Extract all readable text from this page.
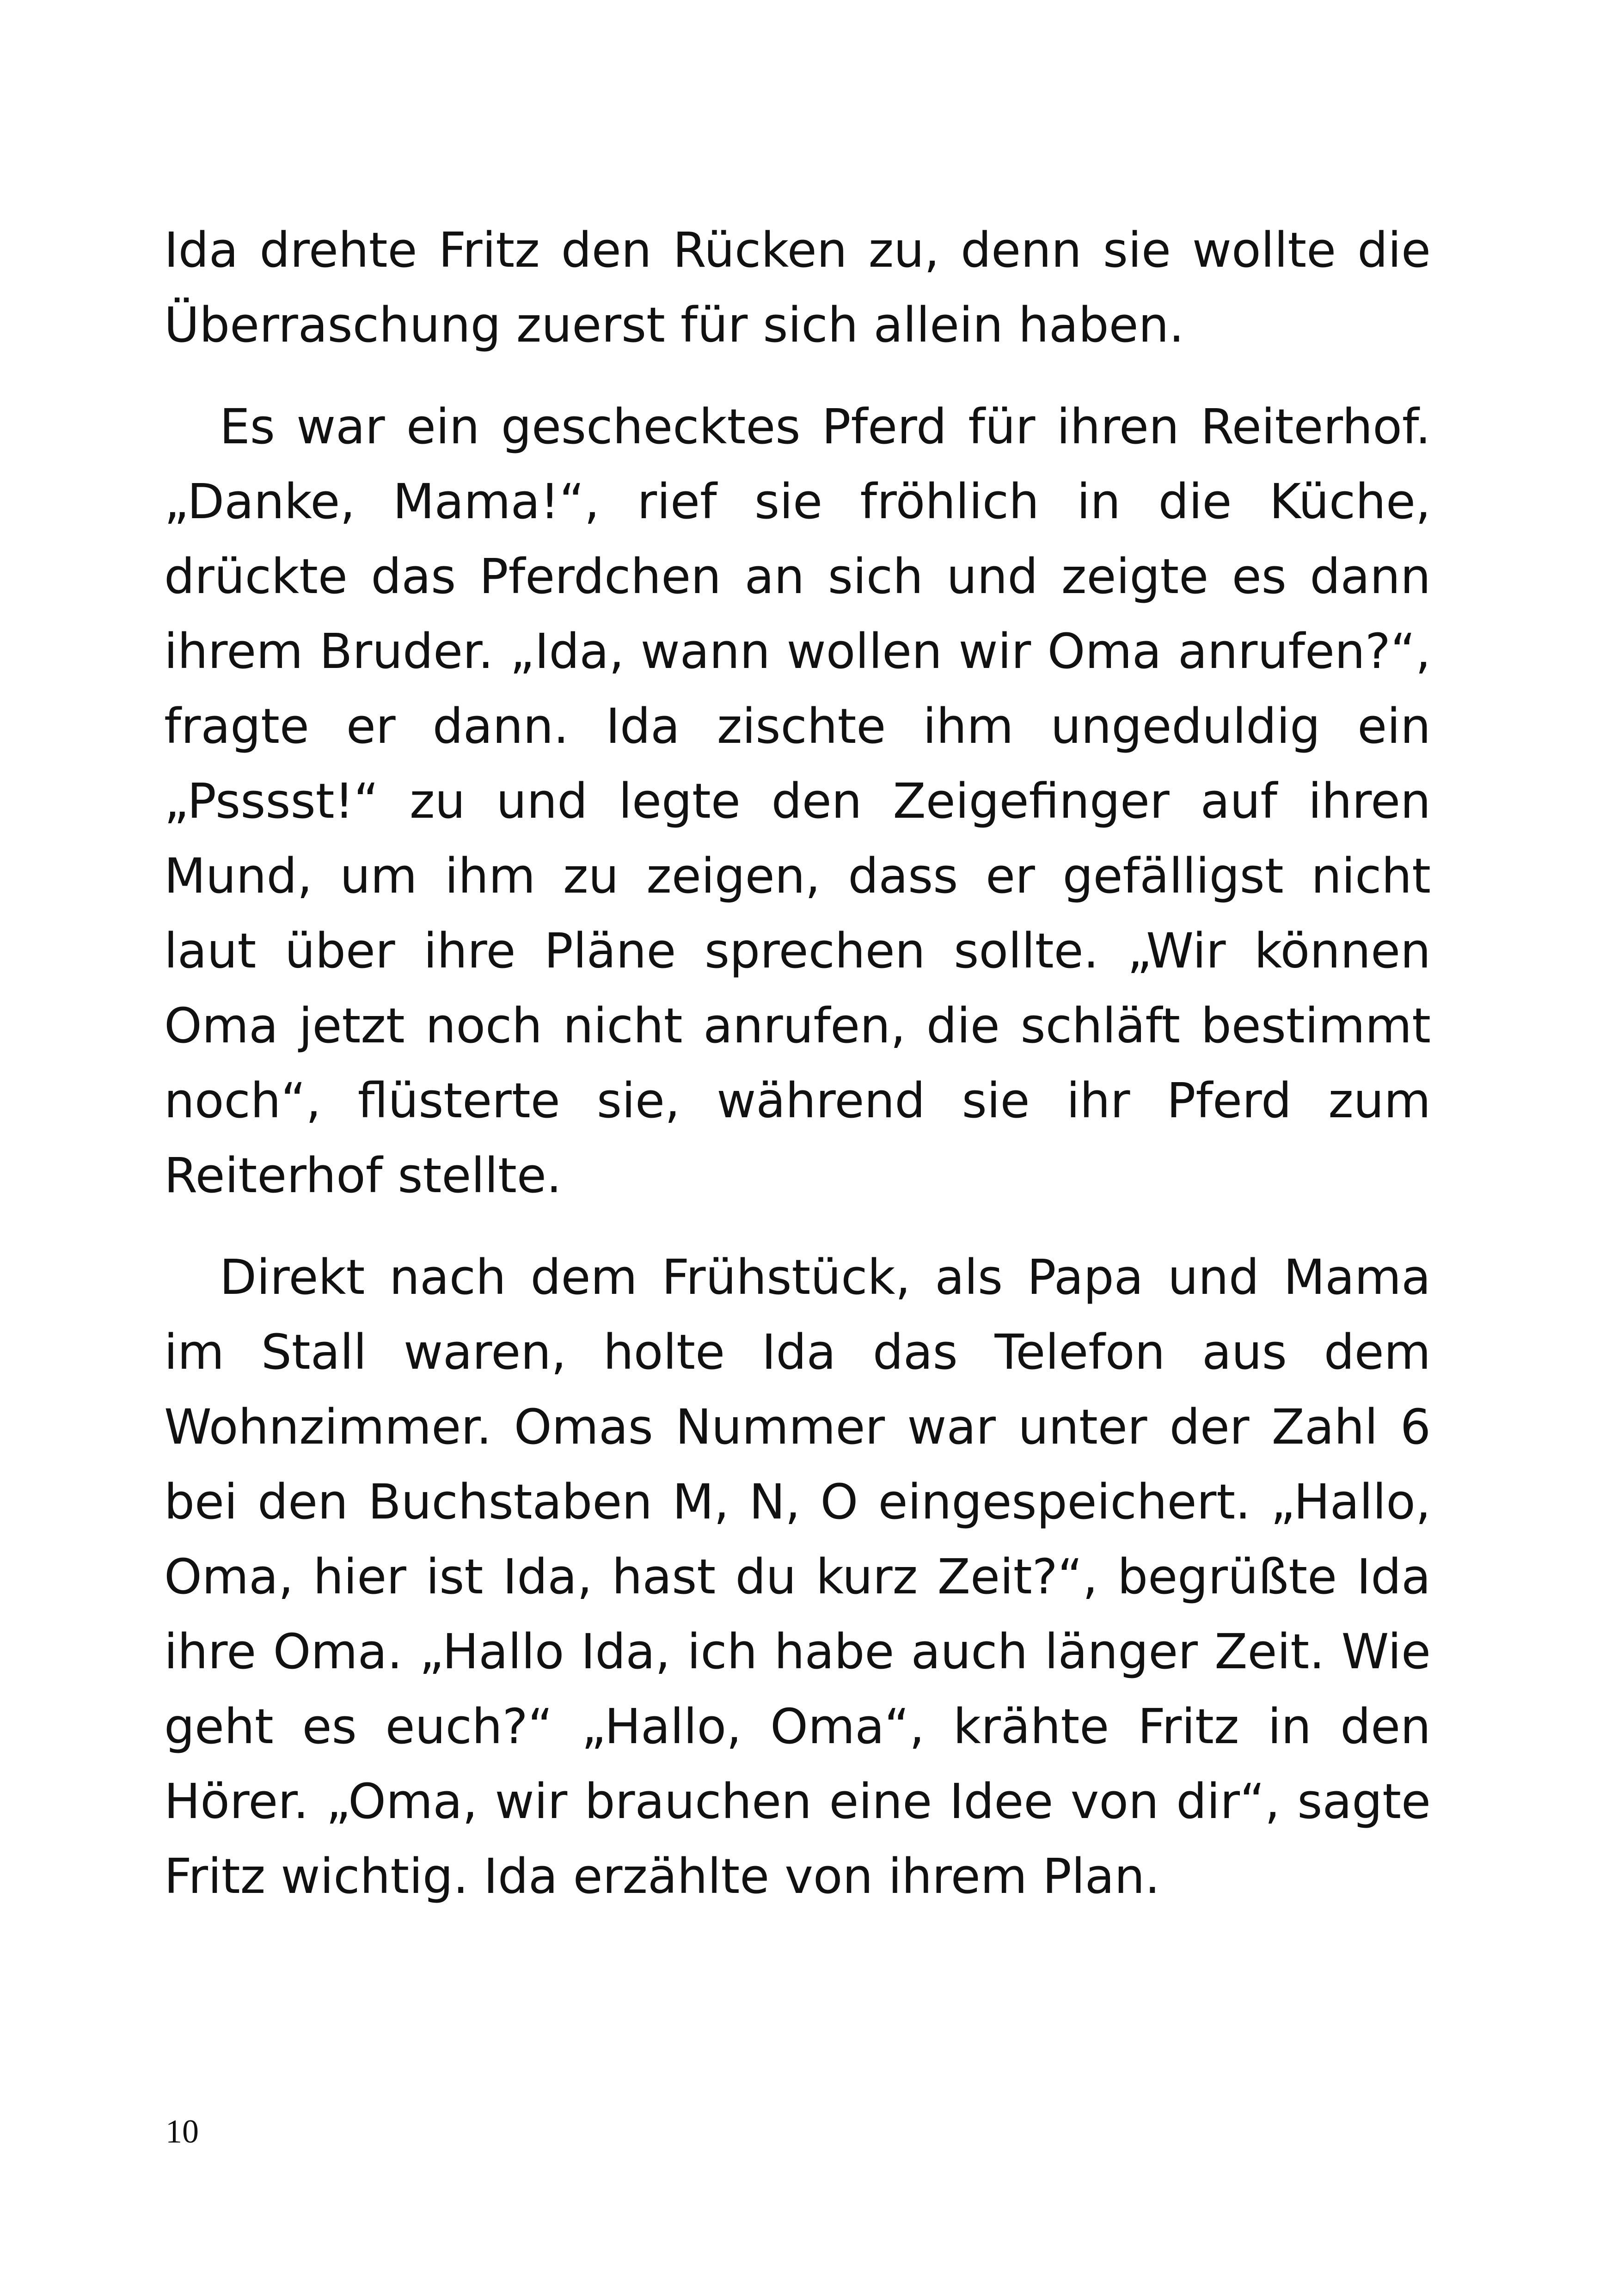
Ida drehte Fritz den Rücken zu, denn sie wollte die Überraschung zuerst für sich allein haben.

Es war ein geschecktes Pferd für ihren Reiterhof. „Danke, Mama!“, rief sie fröhlich in die Küche, drückte das Pferdchen an sich und zeigte es dann ihrem Bruder. „Ida, wann wollen wir Oma anrufen?“, fragte er dann. Ida zischte ihm ungeduldig ein „Psssst!“ zu und legte den Zeigefinger auf ihren Mund, um ihm zu zeigen, dass er gefälligst nicht laut über ihre Pläne sprechen sollte. „Wir können Oma jetzt noch nicht anrufen, die schläft bestimmt noch“, flüsterte sie, während sie ihr Pferd zum Reiterhof stellte.

Direkt nach dem Frühstück, als Papa und Mama im Stall waren, holte Ida das Telefon aus dem Wohnzimmer. Omas Nummer war unter der Zahl 6 bei den Buchstaben M, N, O eingespeichert. „Hallo, Oma, hier ist Ida, hast du kurz Zeit?“, begrüßte Ida ihre Oma. „Hallo Ida, ich habe auch länger Zeit. Wie geht es euch?“ „Hallo, Oma“, krähte Fritz in den Hörer. „Oma, wir brauchen eine Idee von dir“, sagte Fritz wichtig. Ida erzählte von ihrem Plan.

10
